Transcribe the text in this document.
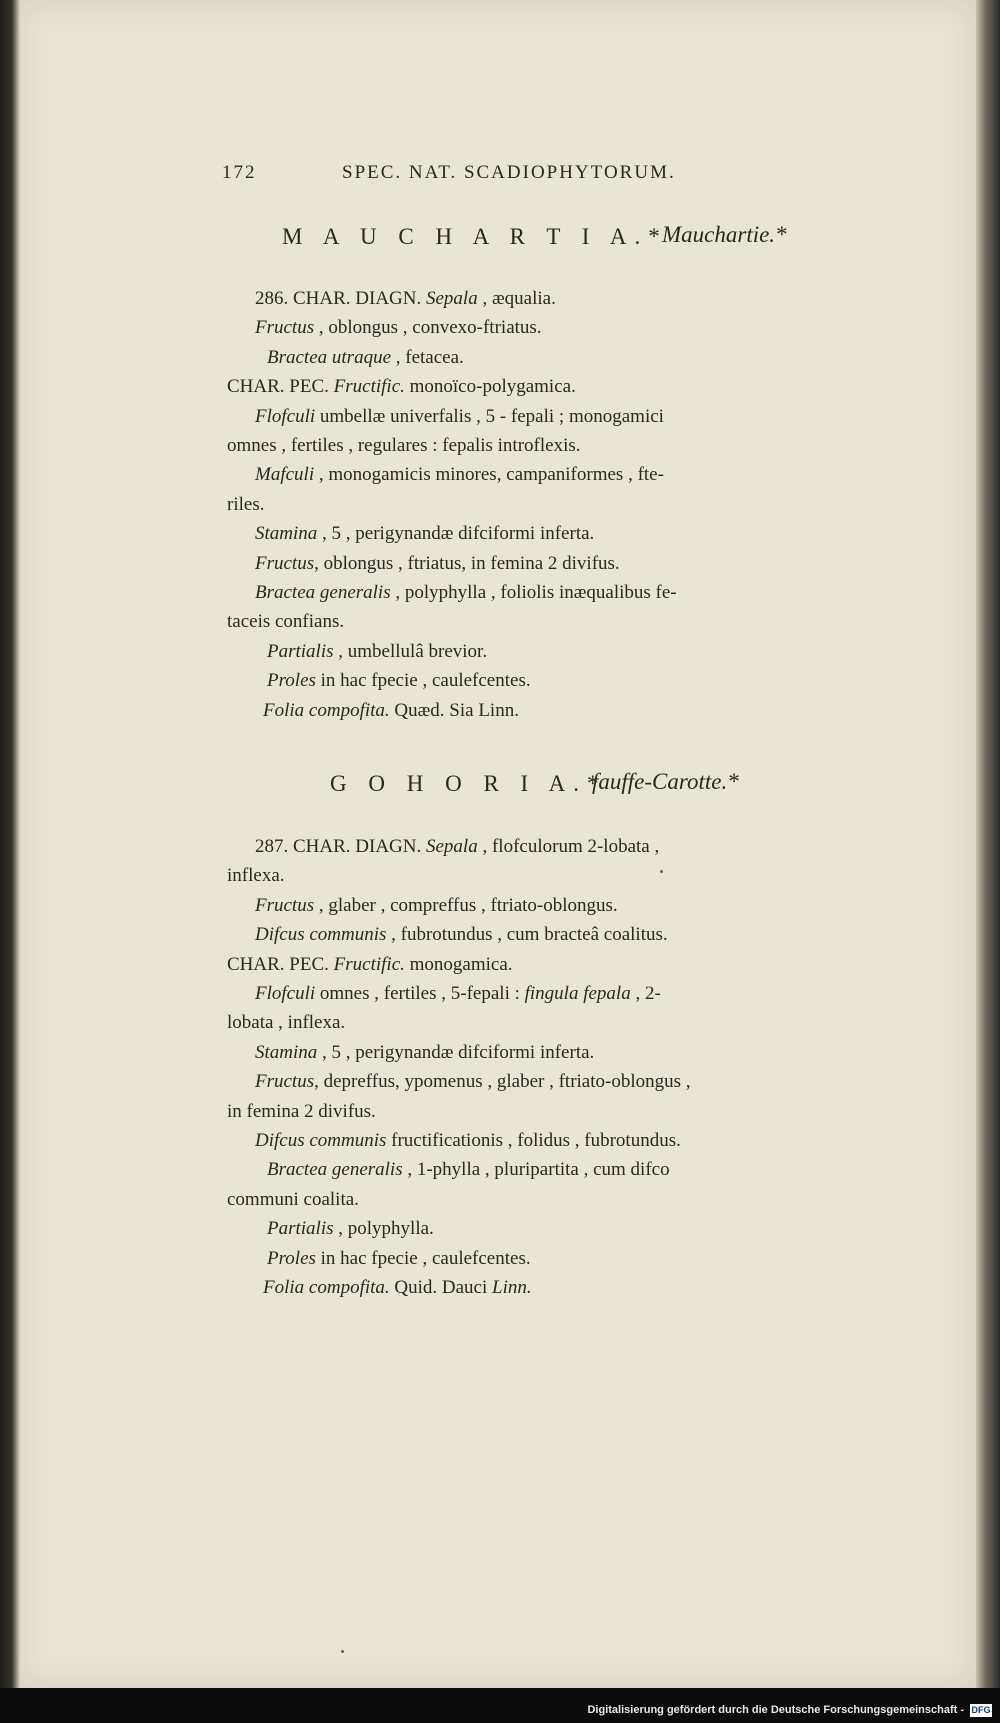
172	SPEC. NAT. SCADIOPHYTORUM.
M A U C H A R T I A.*
Mauchartie.*
286. CHAR. DIAGN. Sepala , æqualia.
Fructus , oblongus , convexo-ftriatus.
Bractea utraque , fetacea.
CHAR. PEC. Fructific. monoïco-polygamica.
Flofculi umbellæ univerfalis , 5 - fepali ; monogamici
omnes , fertiles , regulares : fepalis introflexis.
Mafculi , monogamicis minores, campaniformes , fte-
riles.
Stamina , 5 , perigynandæ difciformi inferta.
Fructus, oblongus , ftriatus, in femina 2 divifus.
Bractea generalis , polyphylla , foliolis inæqualibus fe-
taceis confians.
Partialis , umbellulâ brevior.
Proles in hac fpecie , caulefcentes.
Folia compofita. Quæd. Sia Linn.
G O H O R I A.*
fauffe-Carotte.*
287. CHAR. DIAGN. Sepala , flofculorum 2-lobata ,
inflexa.
Fructus , glaber , compreffus , ftriato-oblongus.
Difcus communis , fubrotundus , cum bracteâ coalitus.
CHAR. PEC. Fructific. monogamica.
Flofculi omnes , fertiles , 5-fepali : fingula fepala , 2-
lobata , inflexa.
Stamina , 5 , perigynandæ difciformi inferta.
Fructus, depreffus, ypomenus , glaber , ftriato-oblongus ,
in femina 2 divifus.
Difcus communis fructificationis , folidus , fubrotundus.
Bractea generalis , 1-phylla , pluripartita , cum difco
communi coalita.
Partialis , polyphylla.
Proles in hac fpecie , caulefcentes.
Folia compofita. Quid. Dauci Linn.
Digitalisierung gefördert durch die Deutsche Forschungsgemeinschaft - DFG
